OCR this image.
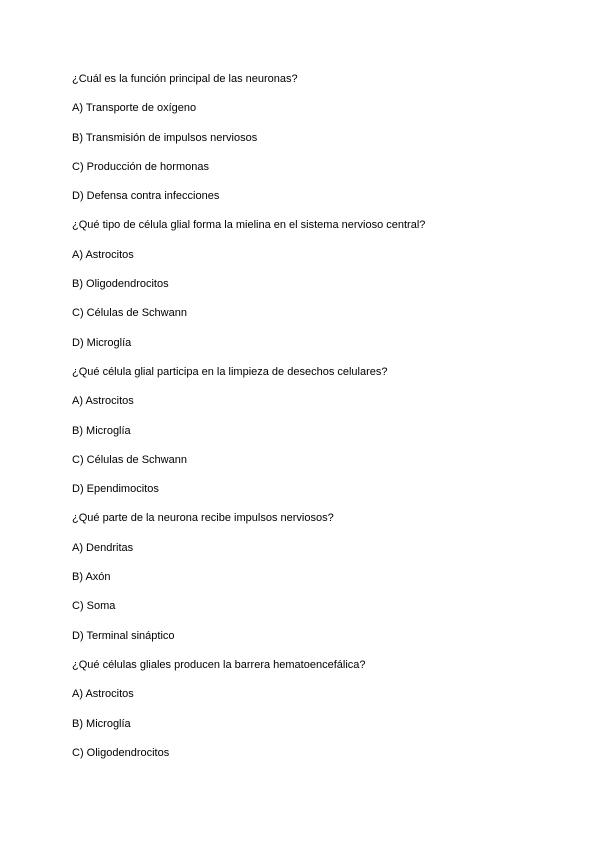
¿Cuál es la función principal de las neuronas?
A) Transporte de oxígeno
B) Transmisión de impulsos nerviosos
C) Producción de hormonas
D) Defensa contra infecciones
¿Qué tipo de célula glial forma la mielina en el sistema nervioso central?
A) Astrocitos
B) Oligodendrocitos
C) Células de Schwann
D) Microglía
¿Qué célula glial participa en la limpieza de desechos celulares?
A) Astrocitos
B) Microglía
C) Células de Schwann
D) Ependimocitos
¿Qué parte de la neurona recibe impulsos nerviosos?
A) Dendritas
B) Axón
C) Soma
D) Terminal sináptico
¿Qué células gliales producen la barrera hematoencefálica?
A) Astrocitos
B) Microglía
C) Oligodendrocitos
